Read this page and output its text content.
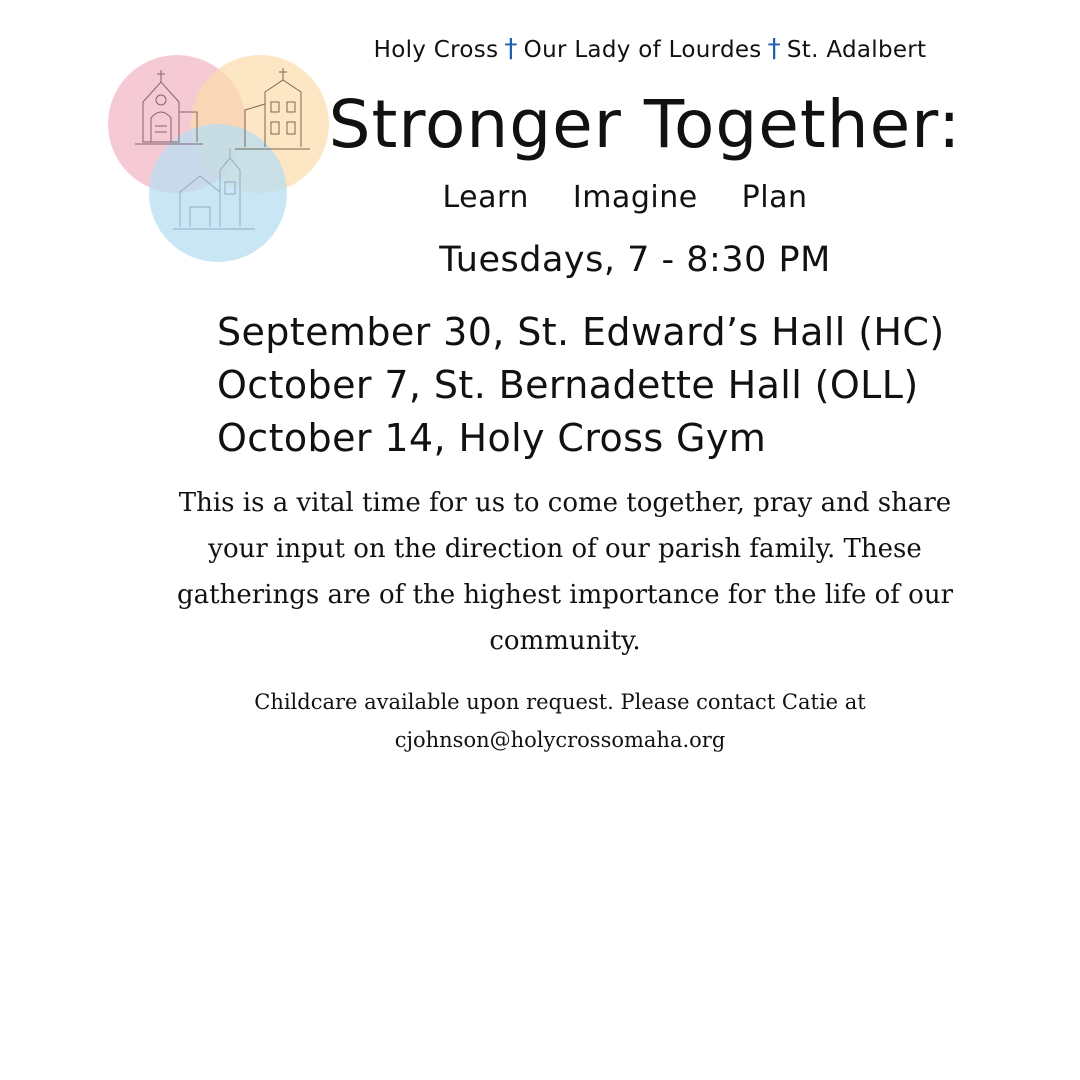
Holy Cross † Our Lady of Lourdes † St. Adalbert
Stronger Together:
Learn Imagine Plan
Tuesdays, 7 - 8:30 PM
September 30, St. Edward’s Hall (HC)
October 7, St. Bernadette Hall (OLL)
October 14, Holy Cross Gym
This is a vital time for us to come together, pray and share your input on the direction of our parish family. These gatherings are of the highest importance for the life of our community.
Childcare available upon request. Please contact Catie at
cjohnson@holycrossomaha.org
